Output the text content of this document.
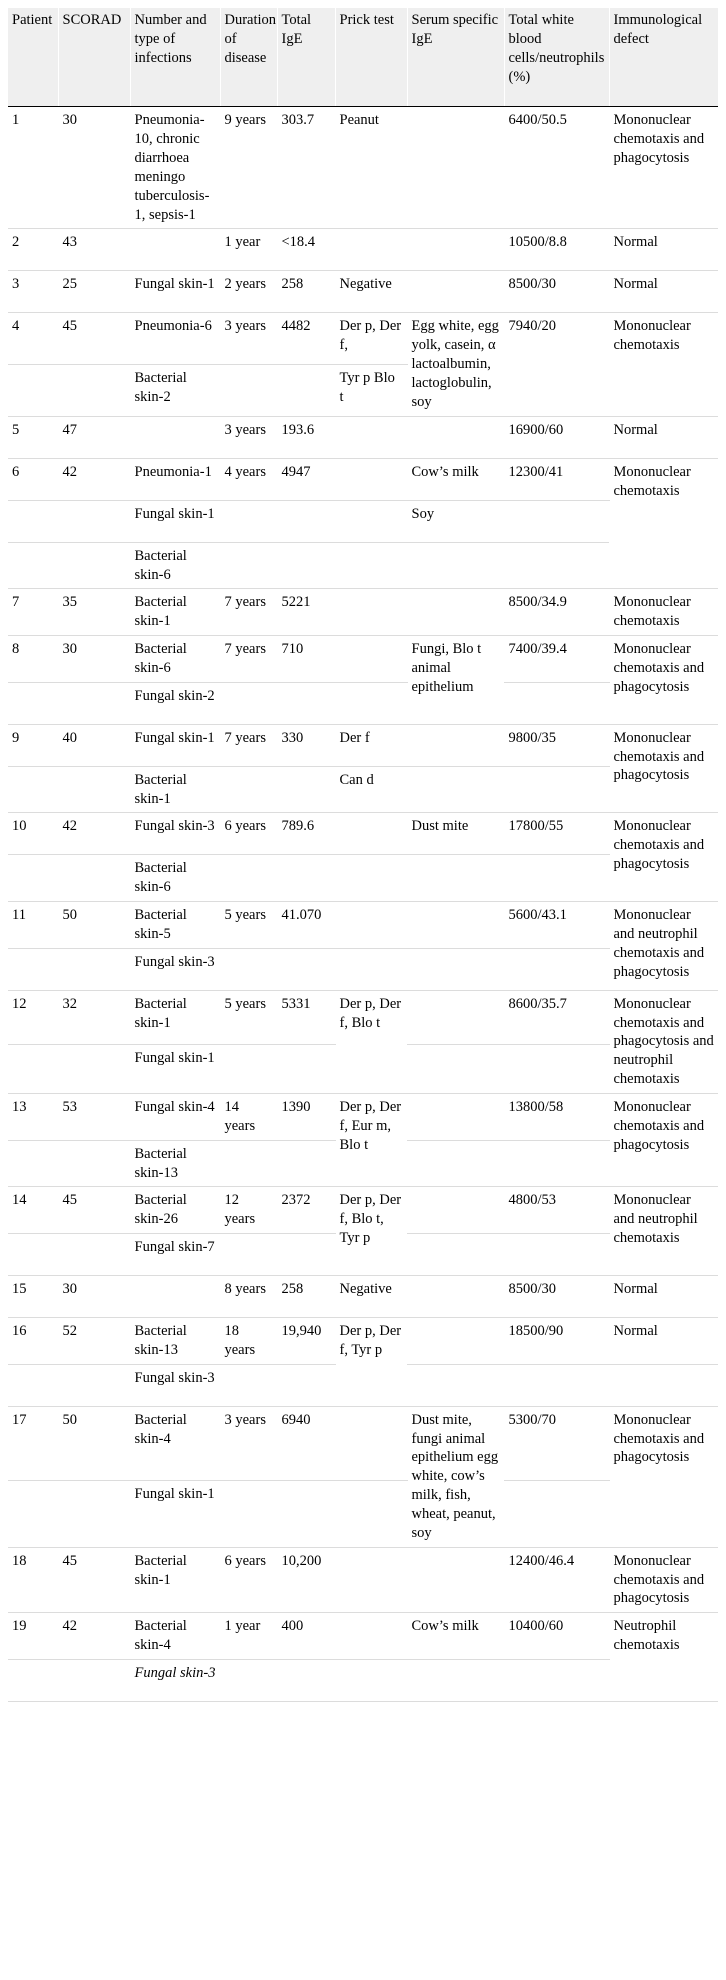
Patient	SCORAD	Number and type of infections	Duration of disease	Total IgE	Prick test	Serum specific IgE	Total white blood cells/neutrophils (%)	Immunological defect
1	30	Pneumonia-10, chronic diarrhoea meningo tuberculosis-1, sepsis-1	9 years	303.7	Peanut		6400/50.5	Mononuclear chemotaxis and phagocytosis
2	43		1 year	<18.4			10500/8.8	Normal
3	25	Fungal skin-1	2 years	258	Negative		8500/30	Normal
4	45	Pneumonia-6	3 years	4482	Der p, Der f,	Egg white, egg yolk, casein, α lactoalbumin, lactoglobulin, soy	7940/20	Mononuclear chemotaxis
		Bacterial skin-2			Tyr p Blo t			
5	47		3 years	193.6			16900/60	Normal
6	42	Pneumonia-1	4 years	4947		Cow’s milk	12300/41	Mononuclear chemotaxis
		Fungal skin-1				Soy		
		Bacterial skin-6						
7	35	Bacterial skin-1	7 years	5221			8500/34.9	Mononuclear chemotaxis
8	30	Bacterial skin-6	7 years	710		Fungi, Blo t animal epithelium	7400/39.4	Mononuclear chemotaxis and phagocytosis
		Fungal skin-2						
9	40	Fungal skin-1	7 years	330	Der f		9800/35	Mononuclear chemotaxis and phagocytosis
		Bacterial skin-1			Can d			
10	42	Fungal skin-3	6 years	789.6		Dust mite	17800/55	Mononuclear chemotaxis and phagocytosis
		Bacterial skin-6						
11	50	Bacterial skin-5	5 years	41.070			5600/43.1	Mononuclear and neutrophil chemotaxis and phagocytosis
		Fungal skin-3						
12	32	Bacterial skin-1	5 years	5331	Der p, Der f, Blo t		8600/35.7	Mononuclear chemotaxis and phagocytosis and neutrophil chemotaxis
		Fungal skin-1						
13	53	Fungal skin-4	14 years	1390	Der p, Der f, Eur m, Blo t		13800/58	Mononuclear chemotaxis and phagocytosis
		Bacterial skin-13						
14	45	Bacterial skin-26	12 years	2372	Der p, Der f, Blo t, Tyr p		4800/53	Mononuclear and neutrophil chemotaxis
		Fungal skin-7						
15	30		8 years	258	Negative		8500/30	Normal
16	52	Bacterial skin-13	18 years	19,940	Der p, Der f, Tyr p		18500/90	Normal
		Fungal skin-3						
17	50	Bacterial skin-4	3 years	6940		Dust mite, fungi animal epithelium egg white, cow’s milk, fish, wheat, peanut, soy	5300/70	Mononuclear chemotaxis and phagocytosis
		Fungal skin-1						
18	45	Bacterial skin-1	6 years	10,200			12400/46.4	Mononuclear chemotaxis and phagocytosis
19	42	Bacterial skin-4	1 year	400		Cow’s milk	10400/60	Neutrophil chemotaxis
		Fungal skin-3						
